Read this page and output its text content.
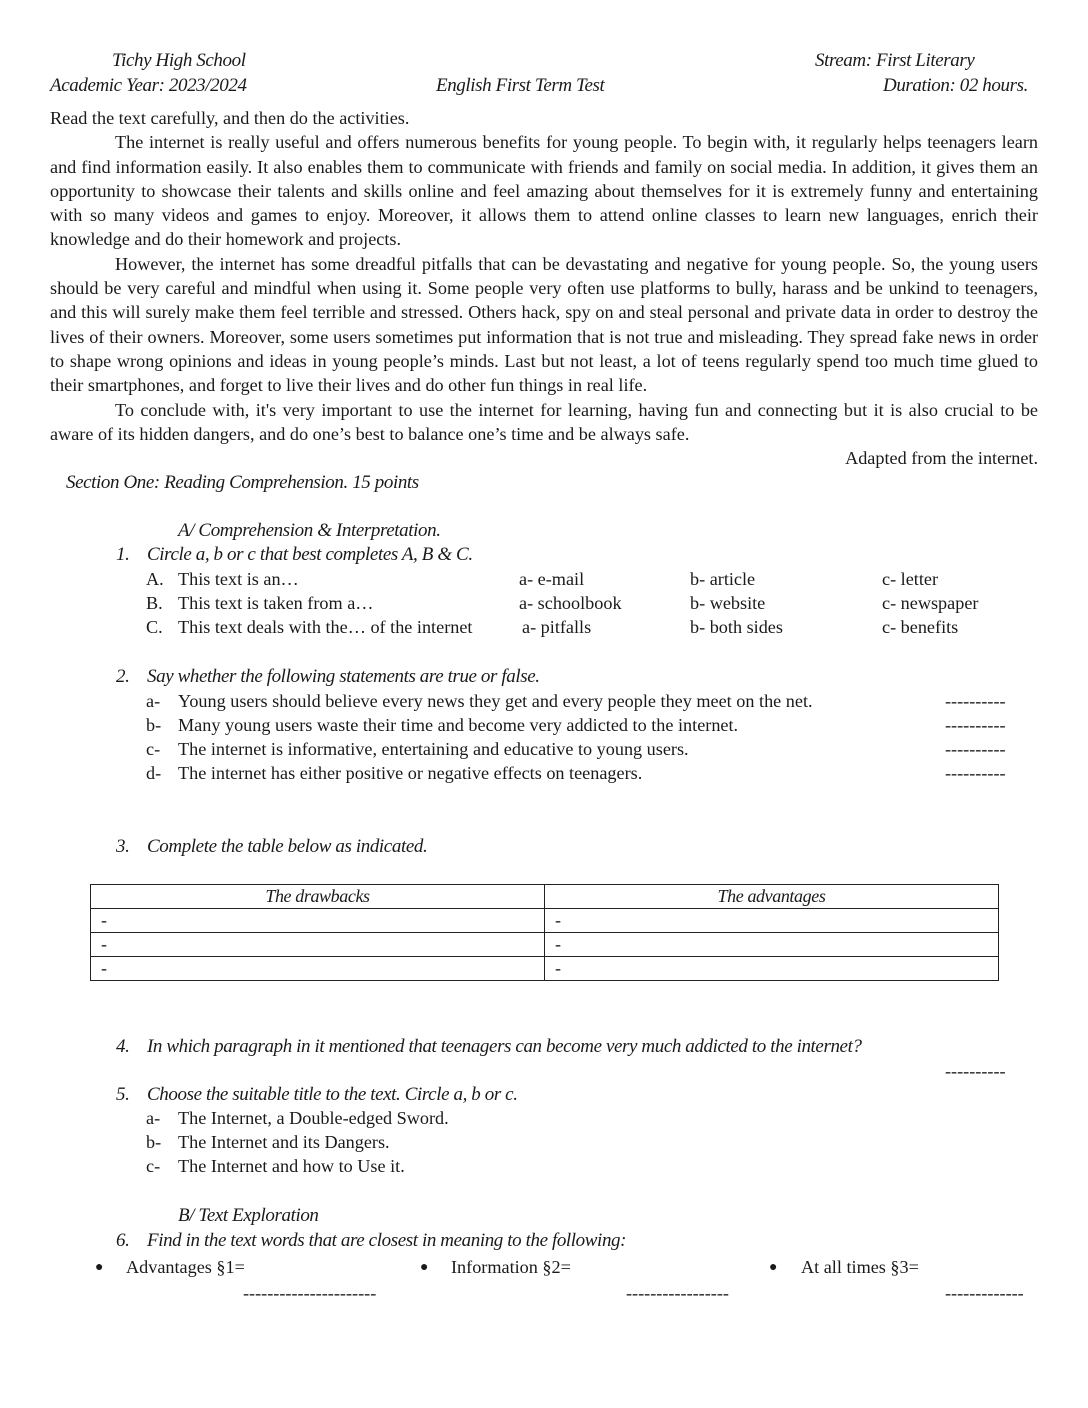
Tichy High School	Stream: First Literary
Academic Year: 2023/2024	English First Term Test	Duration: 02 hours.

Read the text carefully, and then do the activities.

The internet is really useful and offers numerous benefits for young people. To begin with, it regularly helps teenagers learn and find information easily. It also enables them to communicate with friends and family on social media. In addition, it gives them an opportunity to showcase their talents and skills online and feel amazing about themselves for it is extremely funny and entertaining with so many videos and games to enjoy. Moreover, it allows them to attend online classes to learn new languages, enrich their knowledge and do their homework and projects.

However, the internet has some dreadful pitfalls that can be devastating and negative for young people. So, the young users should be very careful and mindful when using it. Some people very often use platforms to bully, harass and be unkind to teenagers, and this will surely make them feel terrible and stressed. Others hack, spy on and steal personal and private data in order to destroy the lives of their owners. Moreover, some users sometimes put information that is not true and misleading. They spread fake news in order to shape wrong opinions and ideas in young people’s minds. Last but not least, a lot of teens regularly spend too much time glued to their smartphones, and forget to live their lives and do other fun things in real life.

To conclude with, it's very important to use the internet for learning, having fun and connecting but it is also crucial to be aware of its hidden dangers, and do one’s best to balance one’s time and be always safe.

Adapted from the internet.
Section One: Reading Comprehension. 15 points
A/ Comprehension & Interpretation.
1. Circle a, b or c that best completes A, B & C.
A. This text is an…	a- e-mail	b- article	c- letter
B. This text is taken from a…	a- schoolbook	b- website	c- newspaper
C. This text deals with the… of the internet	a- pitfalls	b- both sides	c- benefits
2. Say whether the following statements are true or false.
a- Young users should believe every news they get and every people they meet on the net.	----------
b- Many young users waste their time and become very addicted to the internet.	----------
c- The internet is informative, entertaining and educative to young users.	----------
d- The internet has either positive or negative effects on teenagers.	----------
3. Complete the table below as indicated.
The drawbacks	The advantages
-	-
-	-
-	-
4. In which paragraph in it mentioned that teenagers can become very much addicted to the internet?
----------
5. Choose the suitable title to the text. Circle a, b or c.
a- The Internet, a Double-edged Sword.
b- The Internet and its Dangers.
c- The Internet and how to Use it.
B/ Text Exploration
6. Find in the text words that are closest in meaning to the following:
● Advantages §1=
----------------------
● Information §2=
-----------------
● At all times §3=
-------------
